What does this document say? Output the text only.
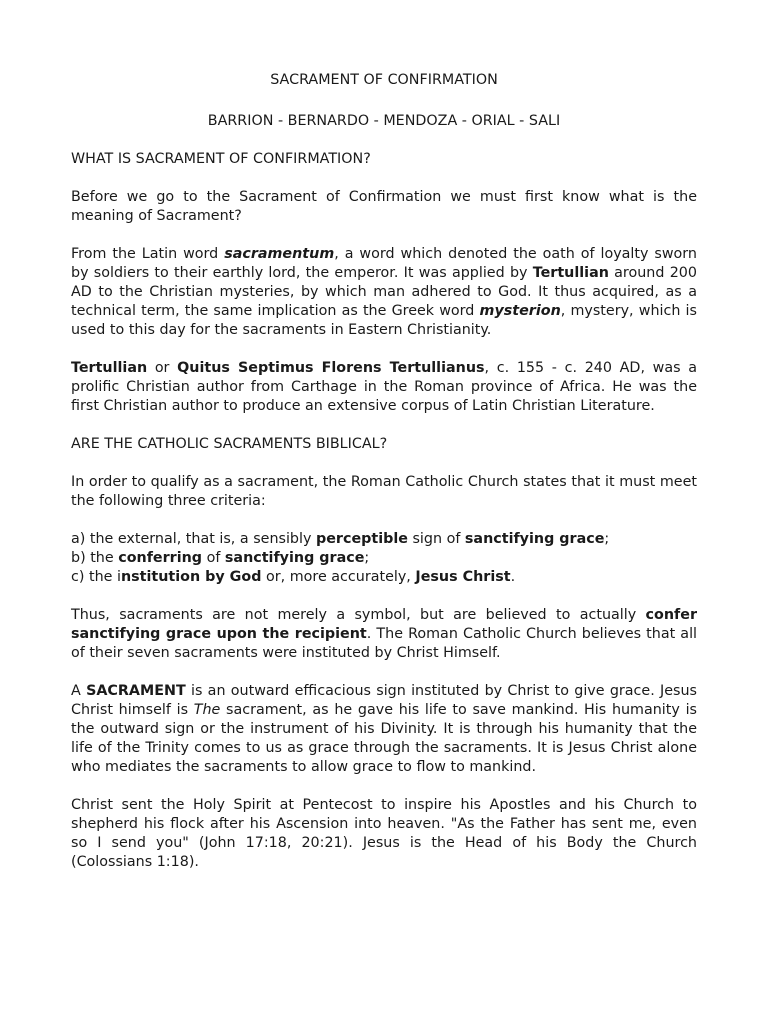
SACRAMENT OF CONFIRMATION
BARRION - BERNARDO - MENDOZA - ORIAL - SALI
WHAT IS SACRAMENT OF CONFIRMATION?

Before we go to the Sacrament of Confirmation we must first know what is the meaning of Sacrament?

From the Latin word sacramentum, a word which denoted the oath of loyalty sworn by soldiers to their earthly lord, the emperor. It was applied by Tertullian around 200 AD to the Christian mysteries, by which man adhered to God. It thus acquired, as a technical term, the same implication as the Greek word mysterion, mystery, which is used to this day for the sacraments in Eastern Christianity.

Tertullian or Quitus Septimus Florens Tertullianus, c. 155 - c. 240 AD, was a prolific Christian author from Carthage in the Roman province of Africa. He was the first Christian author to produce an extensive corpus of Latin Christian Literature.

ARE THE CATHOLIC SACRAMENTS BIBLICAL?

In order to qualify as a sacrament, the Roman Catholic Church states that it must meet the following three criteria:

a) the external, that is, a sensibly perceptible sign of sanctifying grace;
b) the conferring of sanctifying grace;
c) the institution by God or, more accurately, Jesus Christ.

Thus, sacraments are not merely a symbol, but are believed to actually confer sanctifying grace upon the recipient. The Roman Catholic Church believes that all of their seven sacraments were instituted by Christ Himself.

A SACRAMENT is an outward efficacious sign instituted by Christ to give grace. Jesus Christ himself is The sacrament, as he gave his life to save mankind. His humanity is the outward sign or the instrument of his Divinity. It is through his humanity that the life of the Trinity comes to us as grace through the sacraments. It is Jesus Christ alone who mediates the sacraments to allow grace to flow to mankind.

Christ sent the Holy Spirit at Pentecost to inspire his Apostles and his Church to shepherd his flock after his Ascension into heaven. "As the Father has sent me, even so I send you" (John 17:18, 20:21). Jesus is the Head of his Body the Church (Colossians 1:18).
